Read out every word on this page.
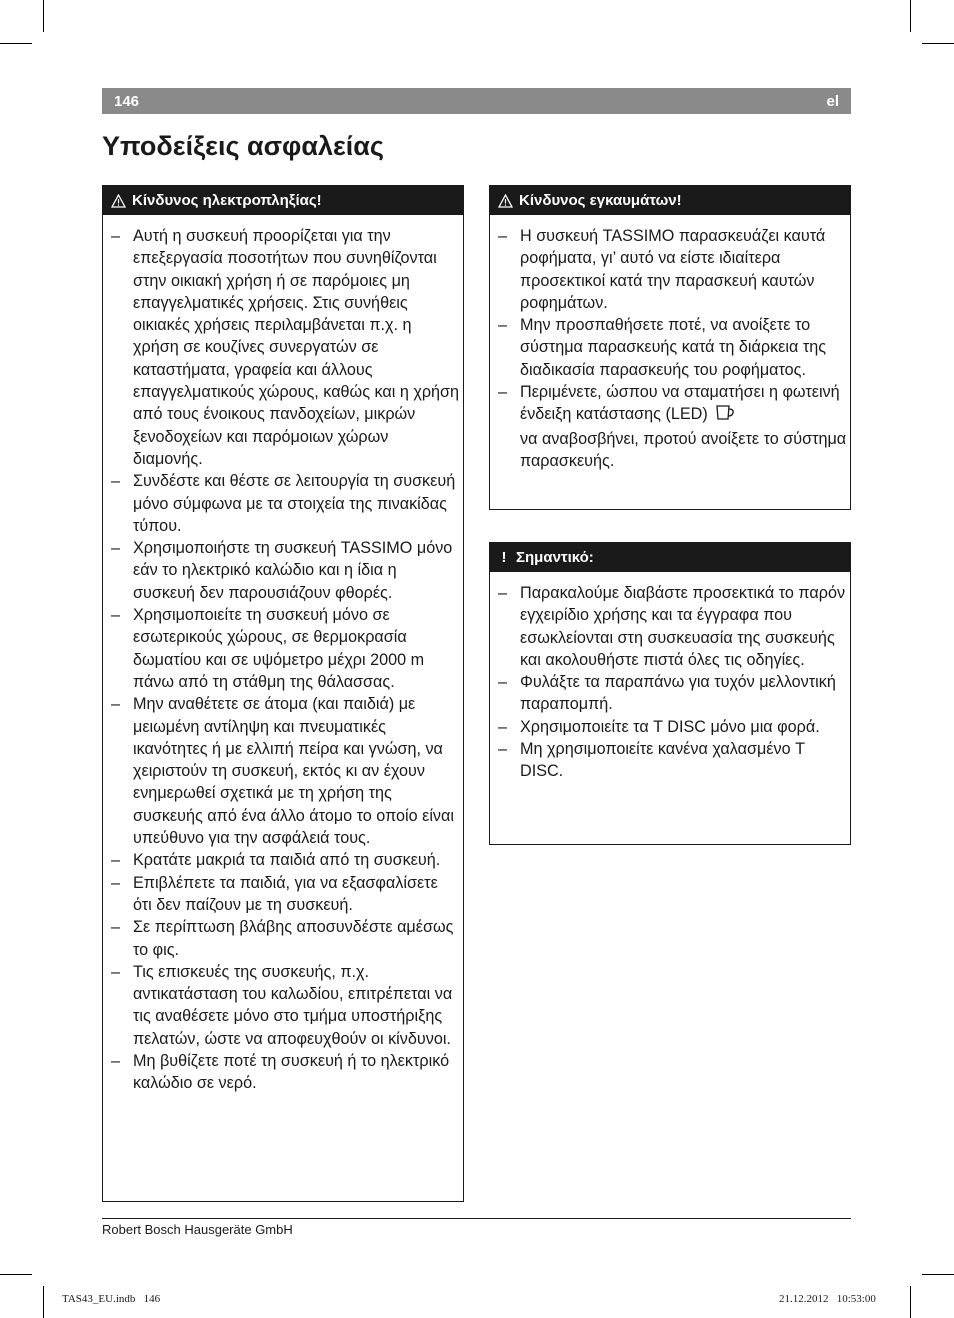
146	el
Υποδείξεις ασφαλείας
Κίνδυνος ηλεκτροπληξίας!
– Αυτή η συσκευή προορίζεται για την επεξεργασία ποσοτήτων που συνηθίζονται στην οικιακή χρήση ή σε παρόμοιες μη επαγγελματικές χρήσεις. Στις συνήθεις οικιακές χρήσεις περιλαμβάνεται π.χ. η χρήση σε κουζίνες συνεργατών σε καταστήματα, γραφεία και άλλους επαγγελματικούς χώρους, καθώς και η χρήση από τους ένοικους πανδοχείων, μικρών ξενοδοχείων και παρόμοιων χώρων διαμονής.
– Συνδέστε και θέστε σε λειτουργία τη συσκευή μόνο σύμφωνα με τα στοιχεία της πινακίδας τύπου.
– Χρησιμοποιήστε τη συσκευή TASSIMO μόνο εάν το ηλεκτρικό καλώδιο και η ίδια η συσκευή δεν παρουσιάζουν φθορές.
– Χρησιμοποιείτε τη συσκευή μόνο σε εσωτερικούς χώρους, σε θερμοκρασία δωματίου και σε υψόμετρο μέχρι 2000 m πάνω από τη στάθμη της θάλασσας.
– Μην αναθέτετε σε άτομα (και παιδιά) με μειωμένη αντίληψη και πνευματικές ικανότητες ή με ελλιπή πείρα και γνώση, να χειριστούν τη συσκευή, εκτός κι αν έχουν ενημερωθεί σχετικά με τη χρήση της συσκευής από ένα άλλο άτομο το οποίο είναι υπεύθυνο για την ασφάλειά τους.
– Κρατάτε μακριά τα παιδιά από τη συσκευή.
– Επιβλέπετε τα παιδιά, για να εξασφαλίσετε ότι δεν παίζουν με τη συσκευή.
– Σε περίπτωση βλάβης αποσυνδέστε αμέσως το φις.
– Τις επισκευές της συσκευής, π.χ. αντικατάσταση του καλωδίου, επιτρέπεται να τις αναθέσετε μόνο στο τμήμα υποστήριξης πελατών, ώστε να αποφευχθούν οι κίνδυνοι.
– Μη βυθίζετε ποτέ τη συσκευή ή το ηλεκτρικό καλώδιο σε νερό.
Κίνδυνος εγκαυμάτων!
– Η συσκευή TASSIMO παρασκευάζει καυτά ροφήματα, γι’ αυτό να είστε ιδιαίτερα προσεκτικοί κατά την παρασκευή καυτών ροφημάτων.
– Μην προσπαθήσετε ποτέ, να ανοίξετε το σύστημα παρασκευής κατά τη διάρκεια της διαδικασία παρασκευής του ροφήματος.
– Περιμένετε, ώσπου να σταματήσει η φωτεινή ένδειξη κατάστασης (LED)
να αναβοσβήνει, προτού ανοίξετε το σύστημα παρασκευής.
! Σημαντικό:
– Παρακαλούμε διαβάστε προσεκτικά το παρόν εγχειρίδιο χρήσης και τα έγγραφα που εσωκλείονται στη συσκευασία της συσκευής και ακολουθήστε πιστά όλες τις οδηγίες.
– Φυλάξτε τα παραπάνω για τυχόν μελλοντική παραπομπή.
– Χρησιμοποιείτε τα T DISC μόνο μια φορά.
– Μη χρησιμοποιείτε κανένα χαλασμένο T DISC.
Robert Bosch Hausgeräte GmbH
TAS43_EU.indb   146	21.12.2012   10:53:00
